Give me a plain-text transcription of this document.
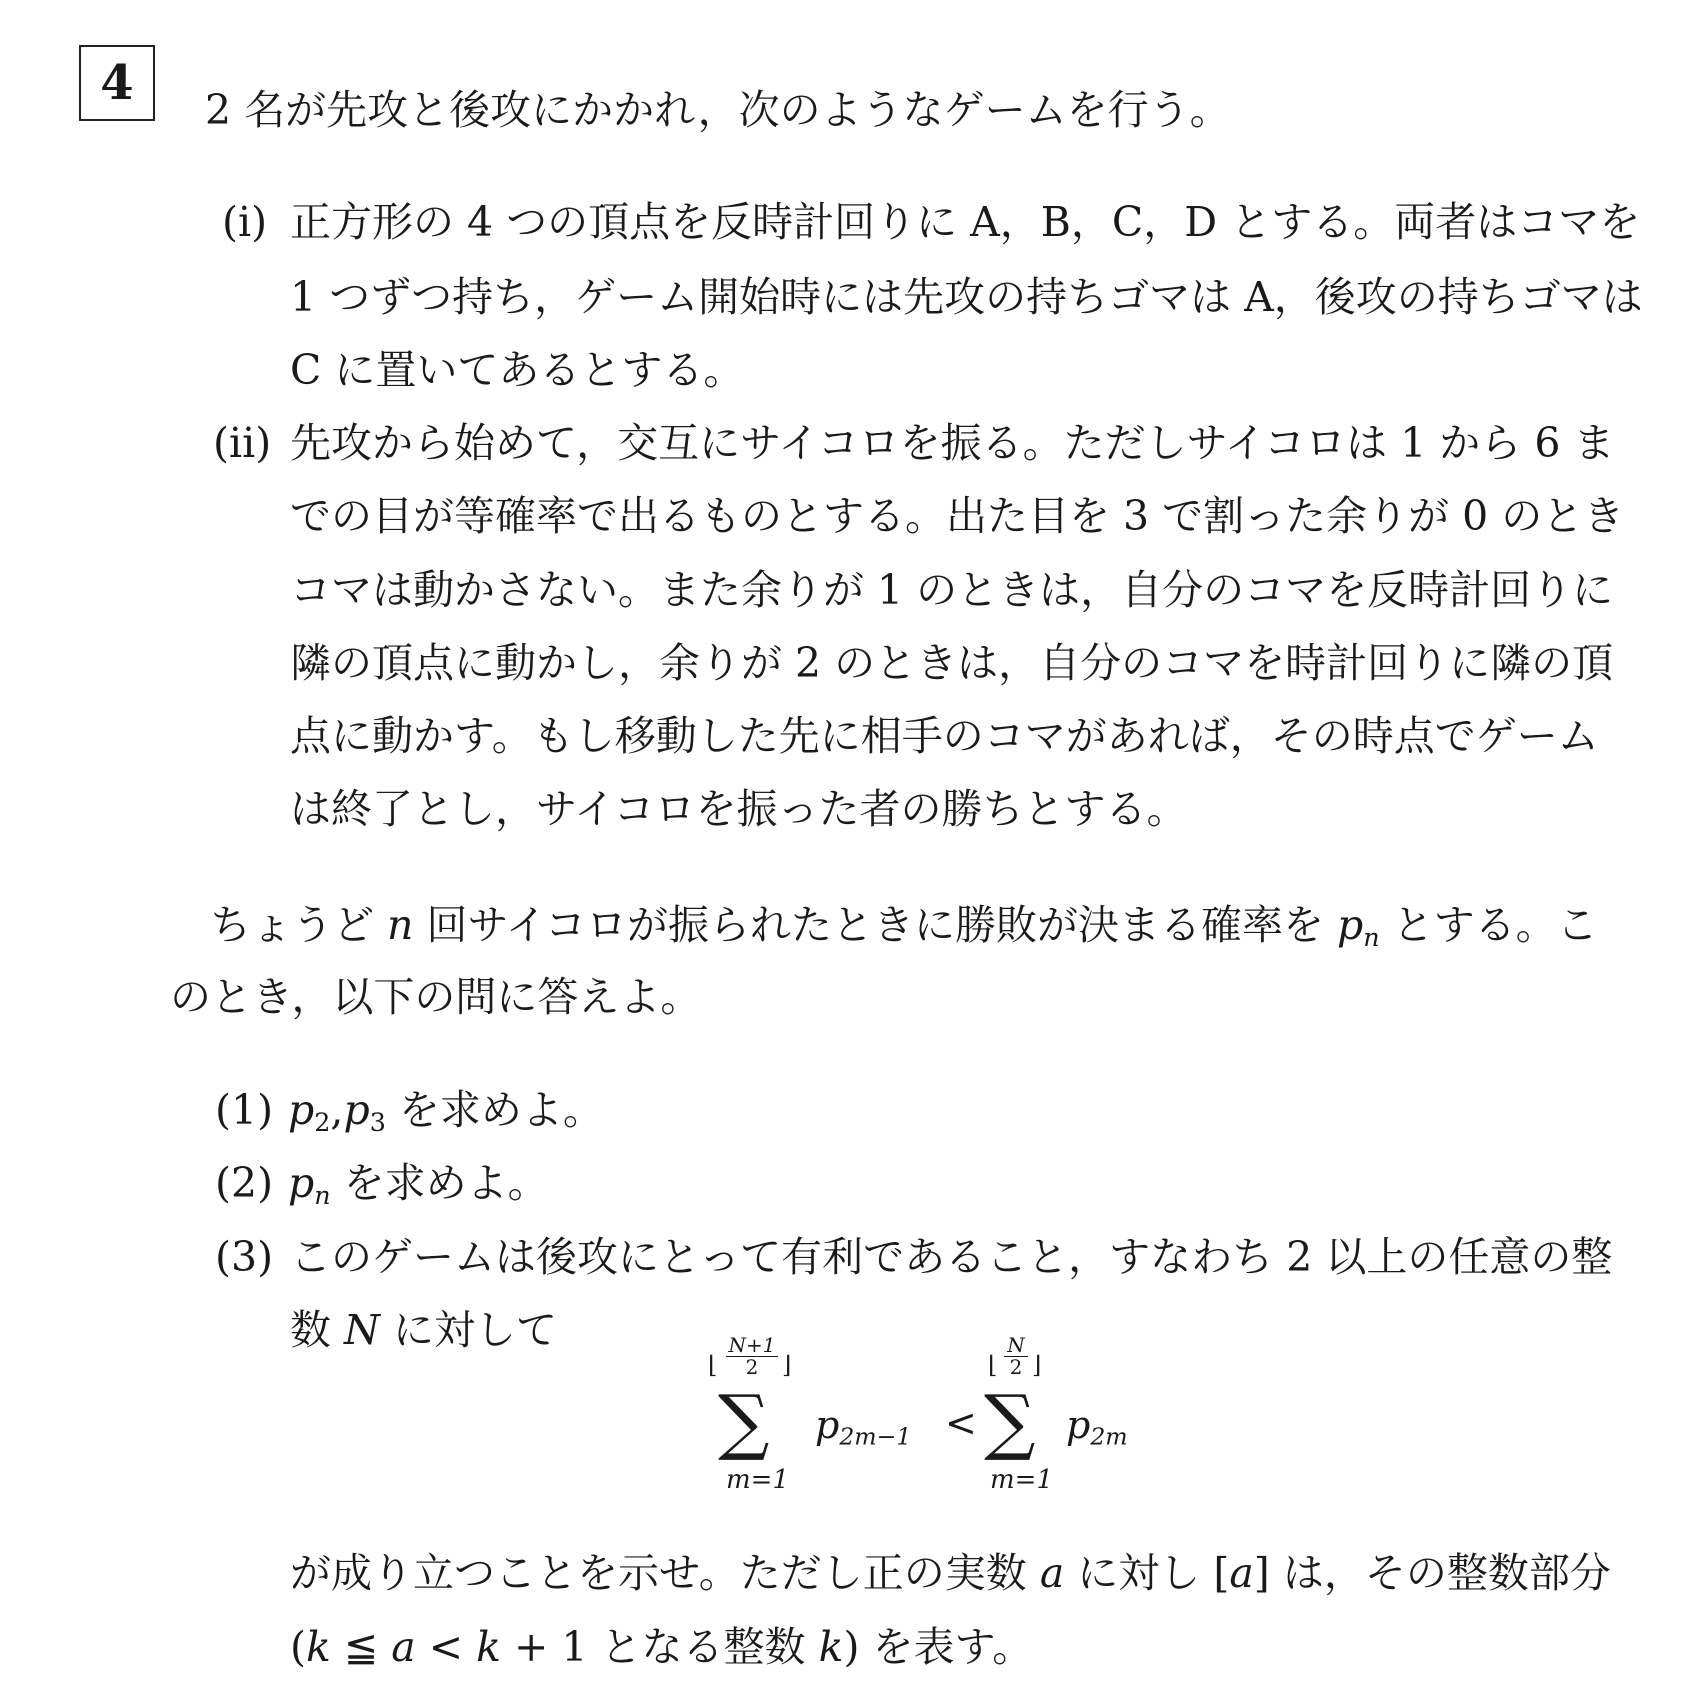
4	2 名が先攻と後攻にかかれ，次のようなゲームを行う。
(i) 正方形の 4 つの頂点を反時計回りに A，B，C，D とする。両者はコマを
1 つずつ持ち，ゲーム開始時には先攻の持ちゴマは A，後攻の持ちゴマは
C に置いてあるとする。
(ii) 先攻から始めて，交互にサイコロを振る。ただしサイコロは 1 から 6 ま
での目が等確率で出るものとする。出た目を 3 で割った余りが 0 のとき
コマは動かさない。また余りが 1 のときは，自分のコマを反時計回りに
隣の頂点に動かし，余りが 2 のときは，自分のコマを時計回りに隣の頂
点に動かす。もし移動した先に相手のコマがあれば，その時点でゲーム
は終了とし，サイコロを振った者の勝ちとする。
ちょうど n 回サイコロが振られたときに勝敗が決まる確率を $p_n$ とする。こ
のとき，以下の問に答えよ。
(1) $p_2,p_3$ を求めよ。
(2) $p_n$ を求めよ。
(3) このゲームは後攻にとって有利であること，すなわち 2 以上の任意の整
数 N に対して
⌊
N+1
2 ⌋
∑
m=1
$p_{2m-1}$ <
⌊
N
2 ⌋
∑
m=1
$p_{2m}$
が成り立つことを示せ。ただし正の実数 a に対し [a] は，その整数部分
(k ≦ a < k + 1 となる整数 k) を表す。
